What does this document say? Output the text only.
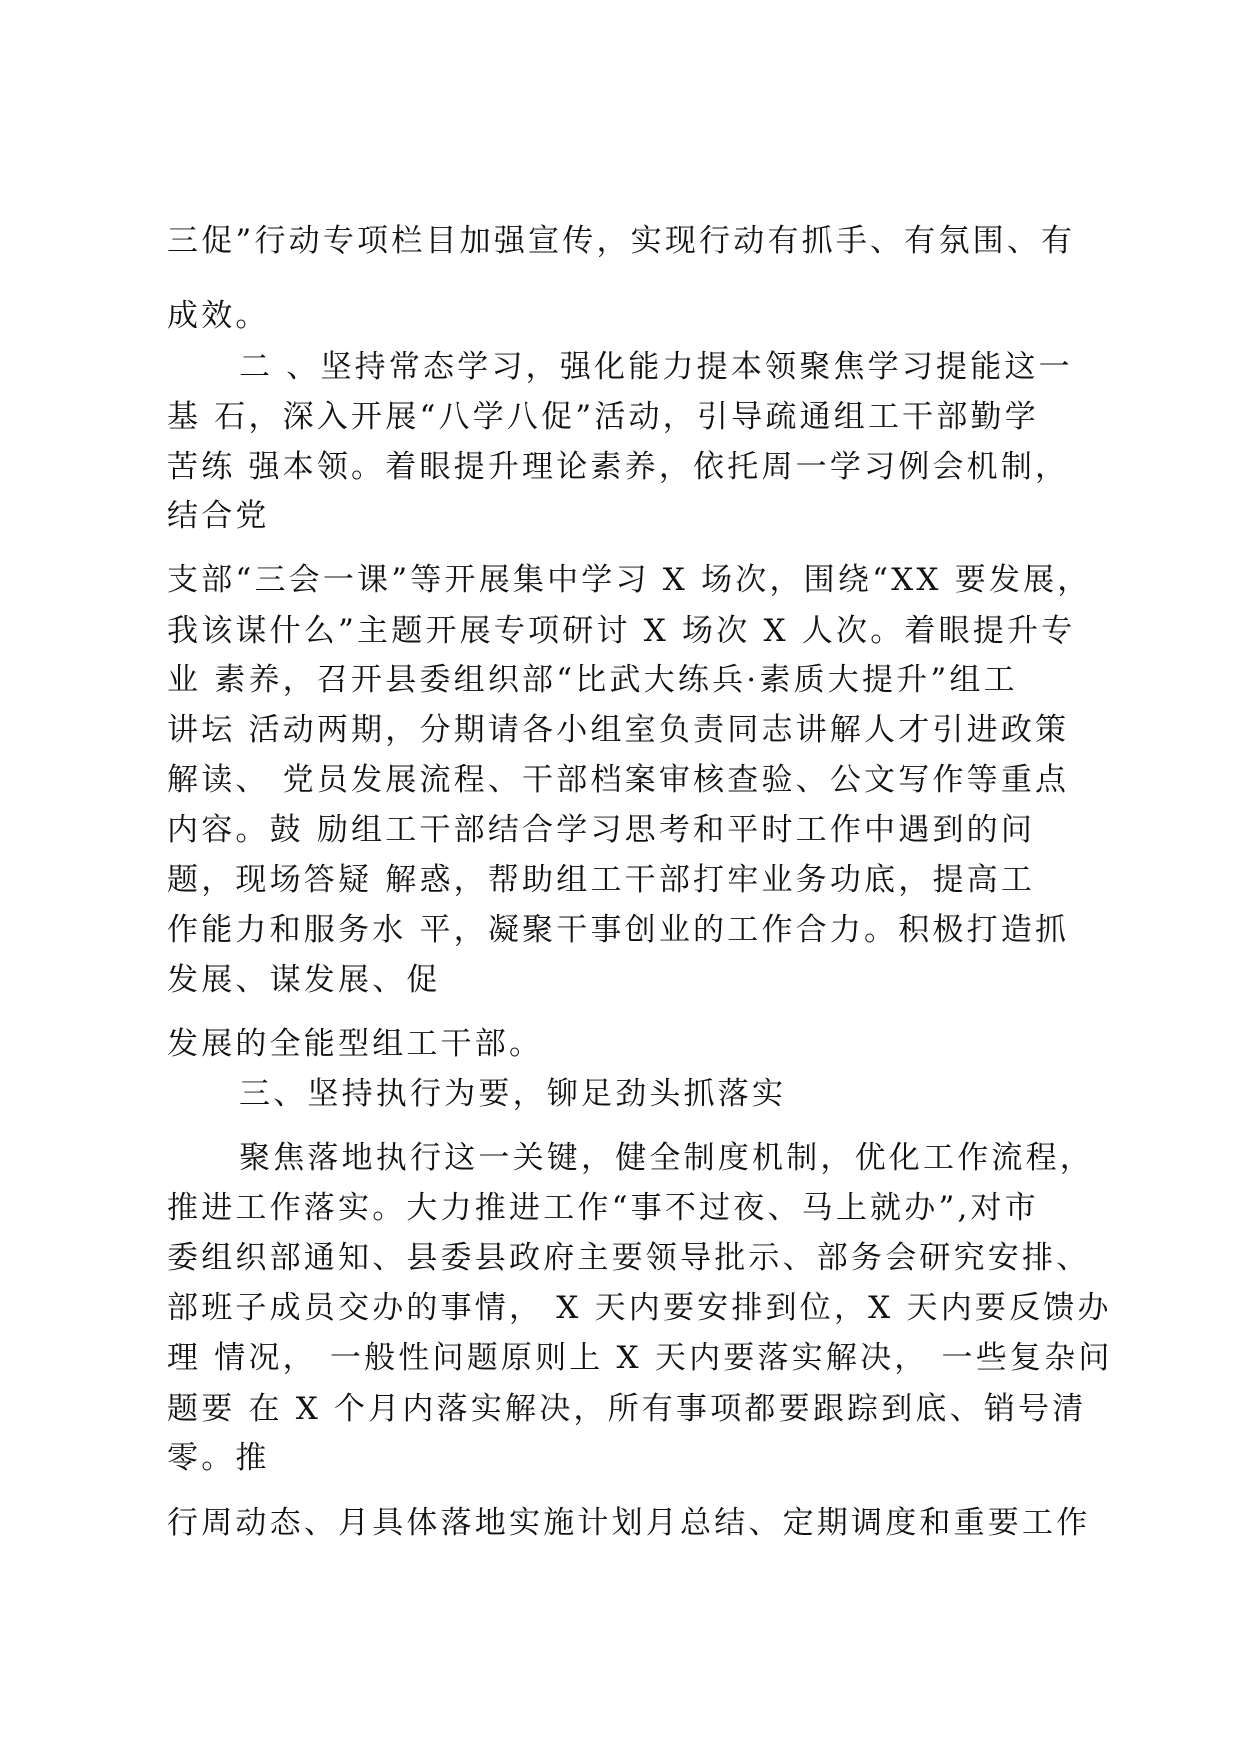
三促”行动专项栏目加强宣传，实现行动有抓手、有氛围、有
成效。
二 、坚持常态学习，强化能力提本领聚焦学习提能这一
基 石，深入开展“八学八促”活动，引导疏通组工干部勤学
苦练 强本领。着眼提升理论素养，依托周一学习例会机制，
结合党
支部“三会一课”等开展集中学习 X 场次，围绕“XX 要发展，
我该谋什么”主题开展专项研讨 X 场次 X 人次。着眼提升专
业 素养，召开县委组织部“比武大练兵·素质大提升”组工
讲坛 活动两期，分期请各小组室负责同志讲解人才引进政策
解读、 党员发展流程、干部档案审核查验、公文写作等重点
内容。鼓 励组工干部结合学习思考和平时工作中遇到的问
题，现场答疑 解惑，帮助组工干部打牢业务功底，提高工
作能力和服务水 平，凝聚干事创业的工作合力。积极打造抓
发展、谋发展、促
发展的全能型组工干部。
三、坚持执行为要，铆足劲头抓落实
聚焦落地执行这一关键，健全制度机制，优化工作流程，
推进工作落实。大力推进工作“事不过夜、马上就办”,对市
委组织部通知、县委县政府主要领导批示、部务会研究安排、
部班子成员交办的事情， X 天内要安排到位，X 天内要反馈办
理 情况， 一般性问题原则上 X 天内要落实解决， 一些复杂问
题要 在 X 个月内落实解决，所有事项都要跟踪到底、销号清
零。推
行周动态、月具体落地实施计划月总结、定期调度和重要工作
